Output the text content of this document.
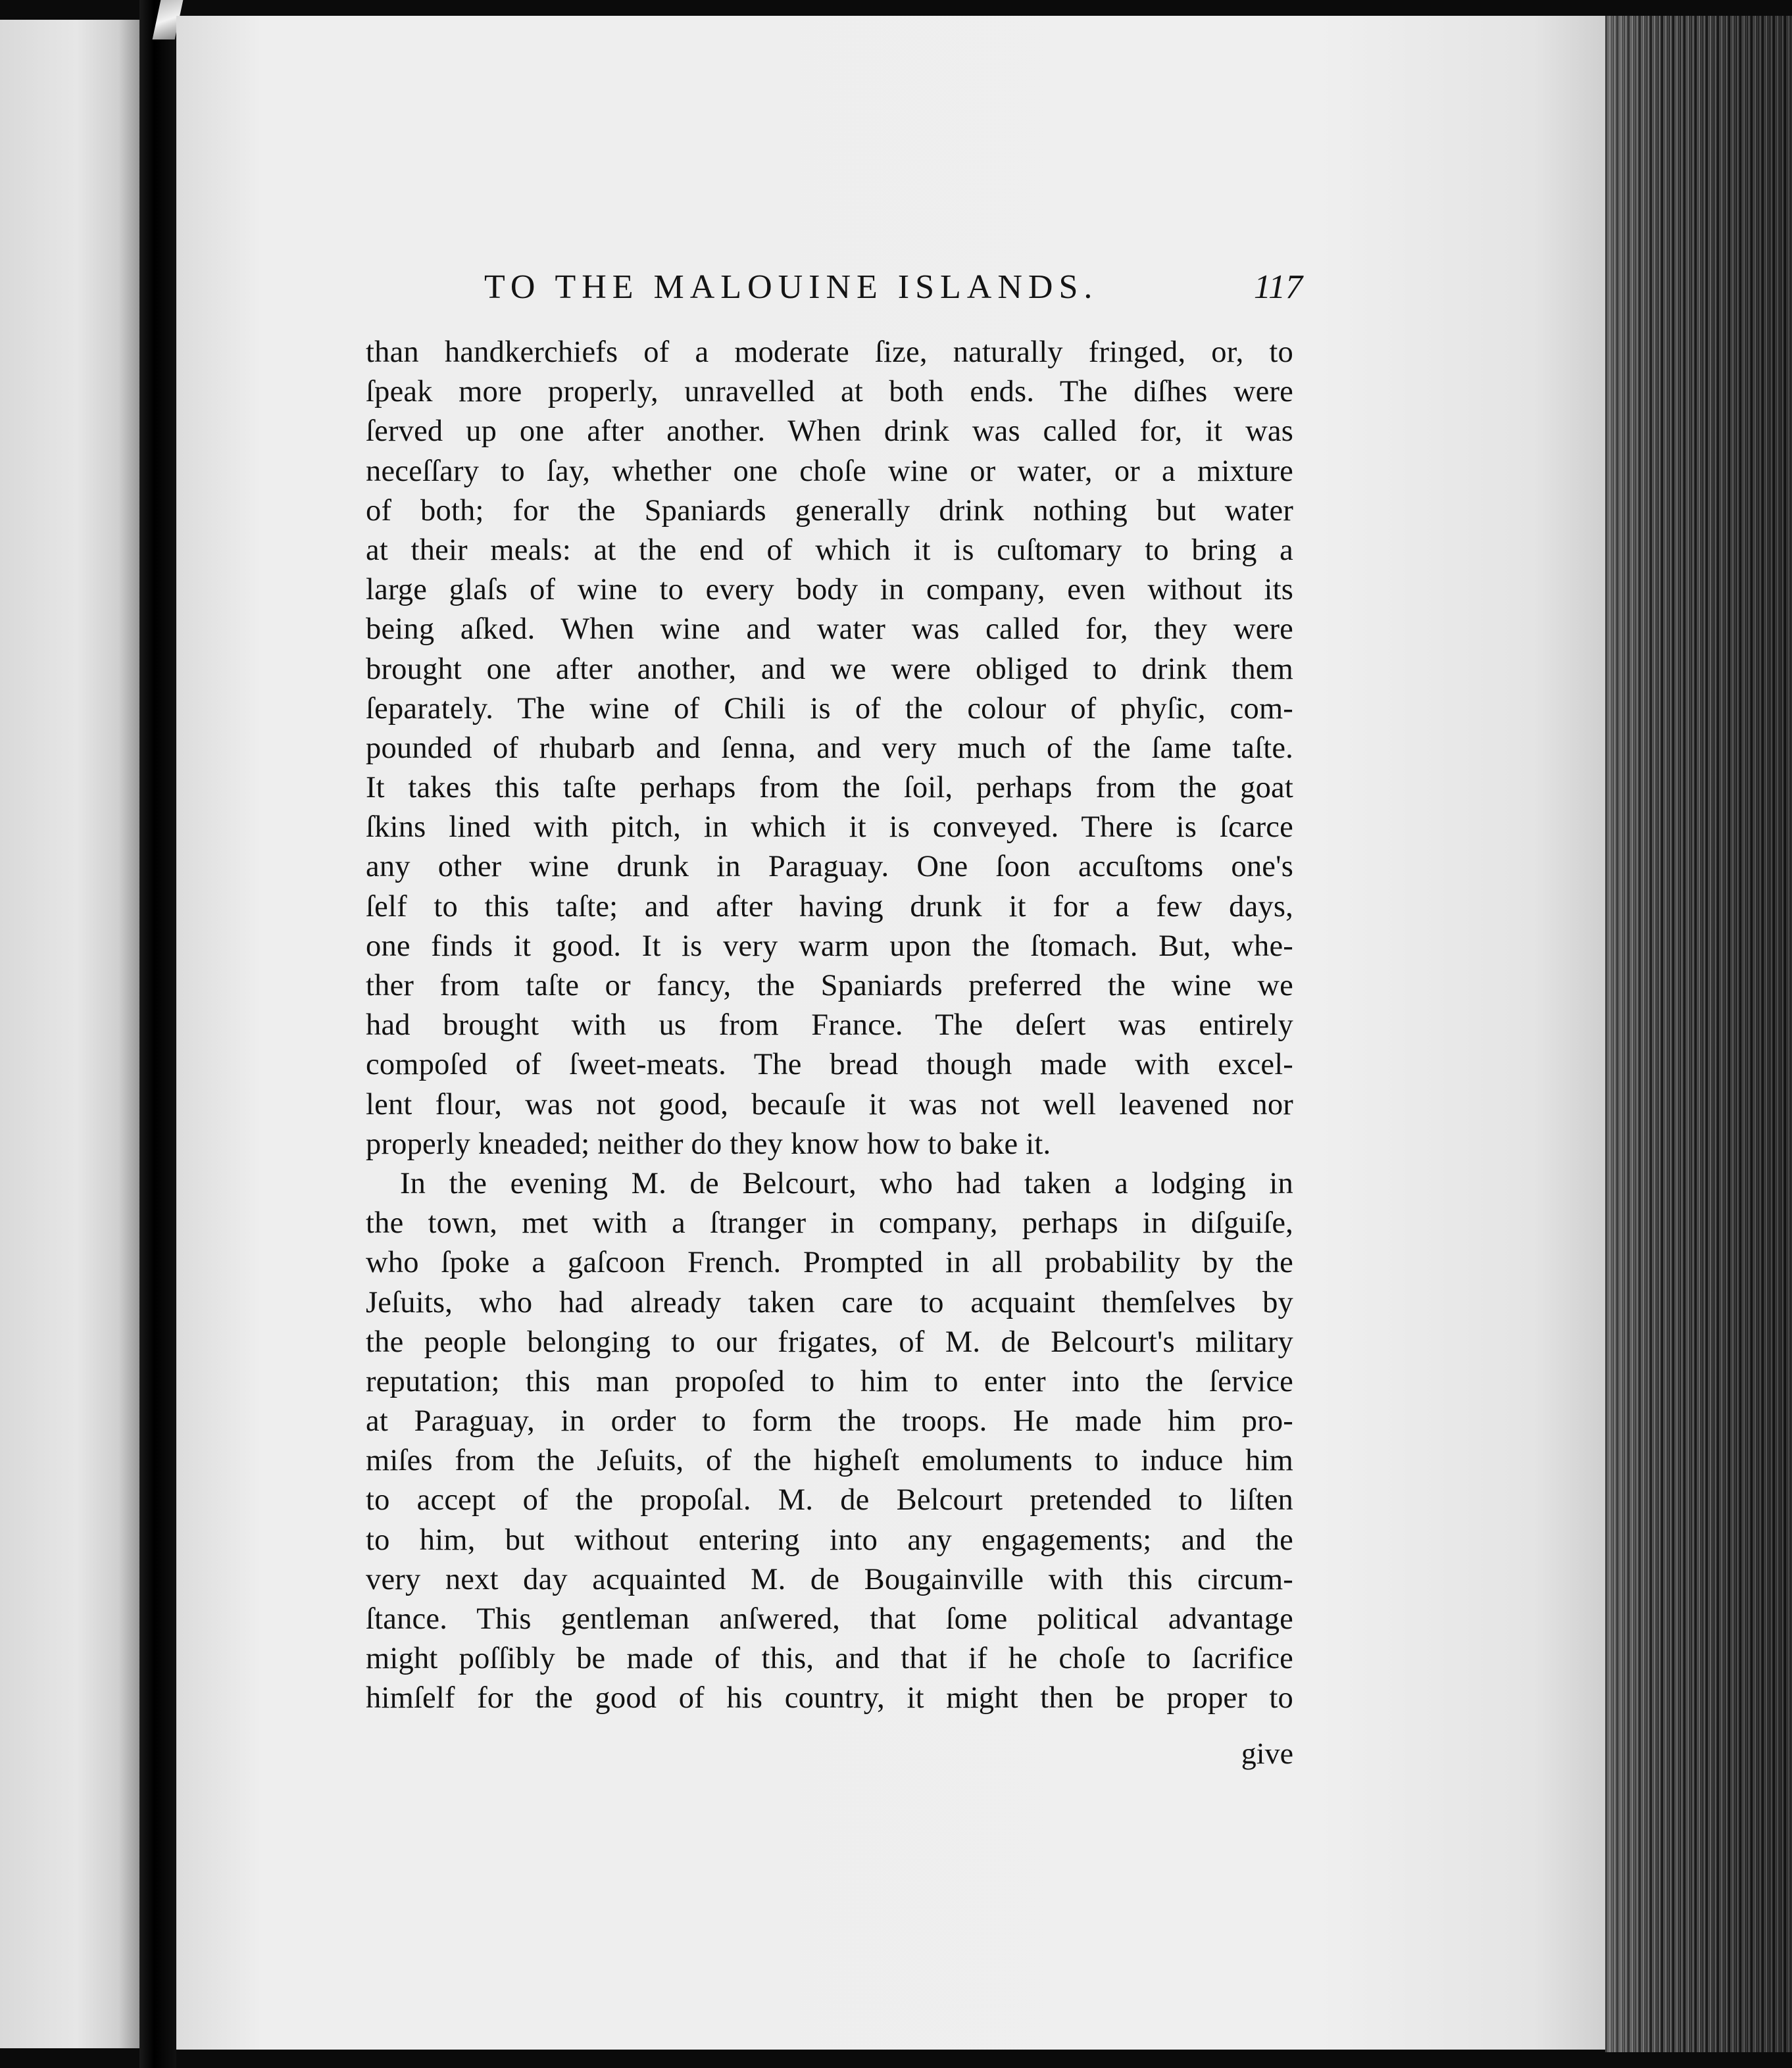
TO THE MALOUINE ISLANDS.	117
than handkerchiefs of a moderate ſize, naturally fringed, or, to
ſpeak more properly, unravelled at both ends. The diſhes were
ſerved up one after another. When drink was called for, it was
neceſſary to ſay, whether one choſe wine or water, or a mixture
of both; for the Spaniards generally drink nothing but water
at their meals: at the end of which it is cuſtomary to bring a
large glaſs of wine to every body in company, even without its
being aſked. When wine and water was called for, they were
brought one after another, and we were obliged to drink them
ſeparately. The wine of Chili is of the colour of phyſic, com-
pounded of rhubarb and ſenna, and very much of the ſame taſte.
It takes this taſte perhaps from the ſoil, perhaps from the goat
ſkins lined with pitch, in which it is conveyed. There is ſcarce
any other wine drunk in Paraguay. One ſoon accuſtoms one's
ſelf to this taſte; and after having drunk it for a few days,
one finds it good. It is very warm upon the ſtomach. But, whe-
ther from taſte or fancy, the Spaniards preferred the wine we
had brought with us from France. The deſert was entirely
compoſed of ſweet-meats. The bread though made with excel-
lent flour, was not good, becauſe it was not well leavened nor
properly kneaded; neither do they know how to bake it.
In the evening M. de Belcourt, who had taken a lodging in
the town, met with a ſtranger in company, perhaps in diſguiſe,
who ſpoke a gaſcoon French. Prompted in all probability by the
Jeſuits, who had already taken care to acquaint themſelves by
the people belonging to our frigates, of M. de Belcourt's military
reputation; this man propoſed to him to enter into the ſervice
at Paraguay, in order to form the troops. He made him pro-
miſes from the Jeſuits, of the higheſt emoluments to induce him
to accept of the propoſal. M. de Belcourt pretended to liſten
to him, but without entering into any engagements; and the
very next day acquainted M. de Bougainville with this circum-
ſtance. This gentleman anſwered, that ſome political advantage
might poſſibly be made of this, and that if he choſe to ſacrifice
himſelf for the good of his country, it might then be proper to
give
